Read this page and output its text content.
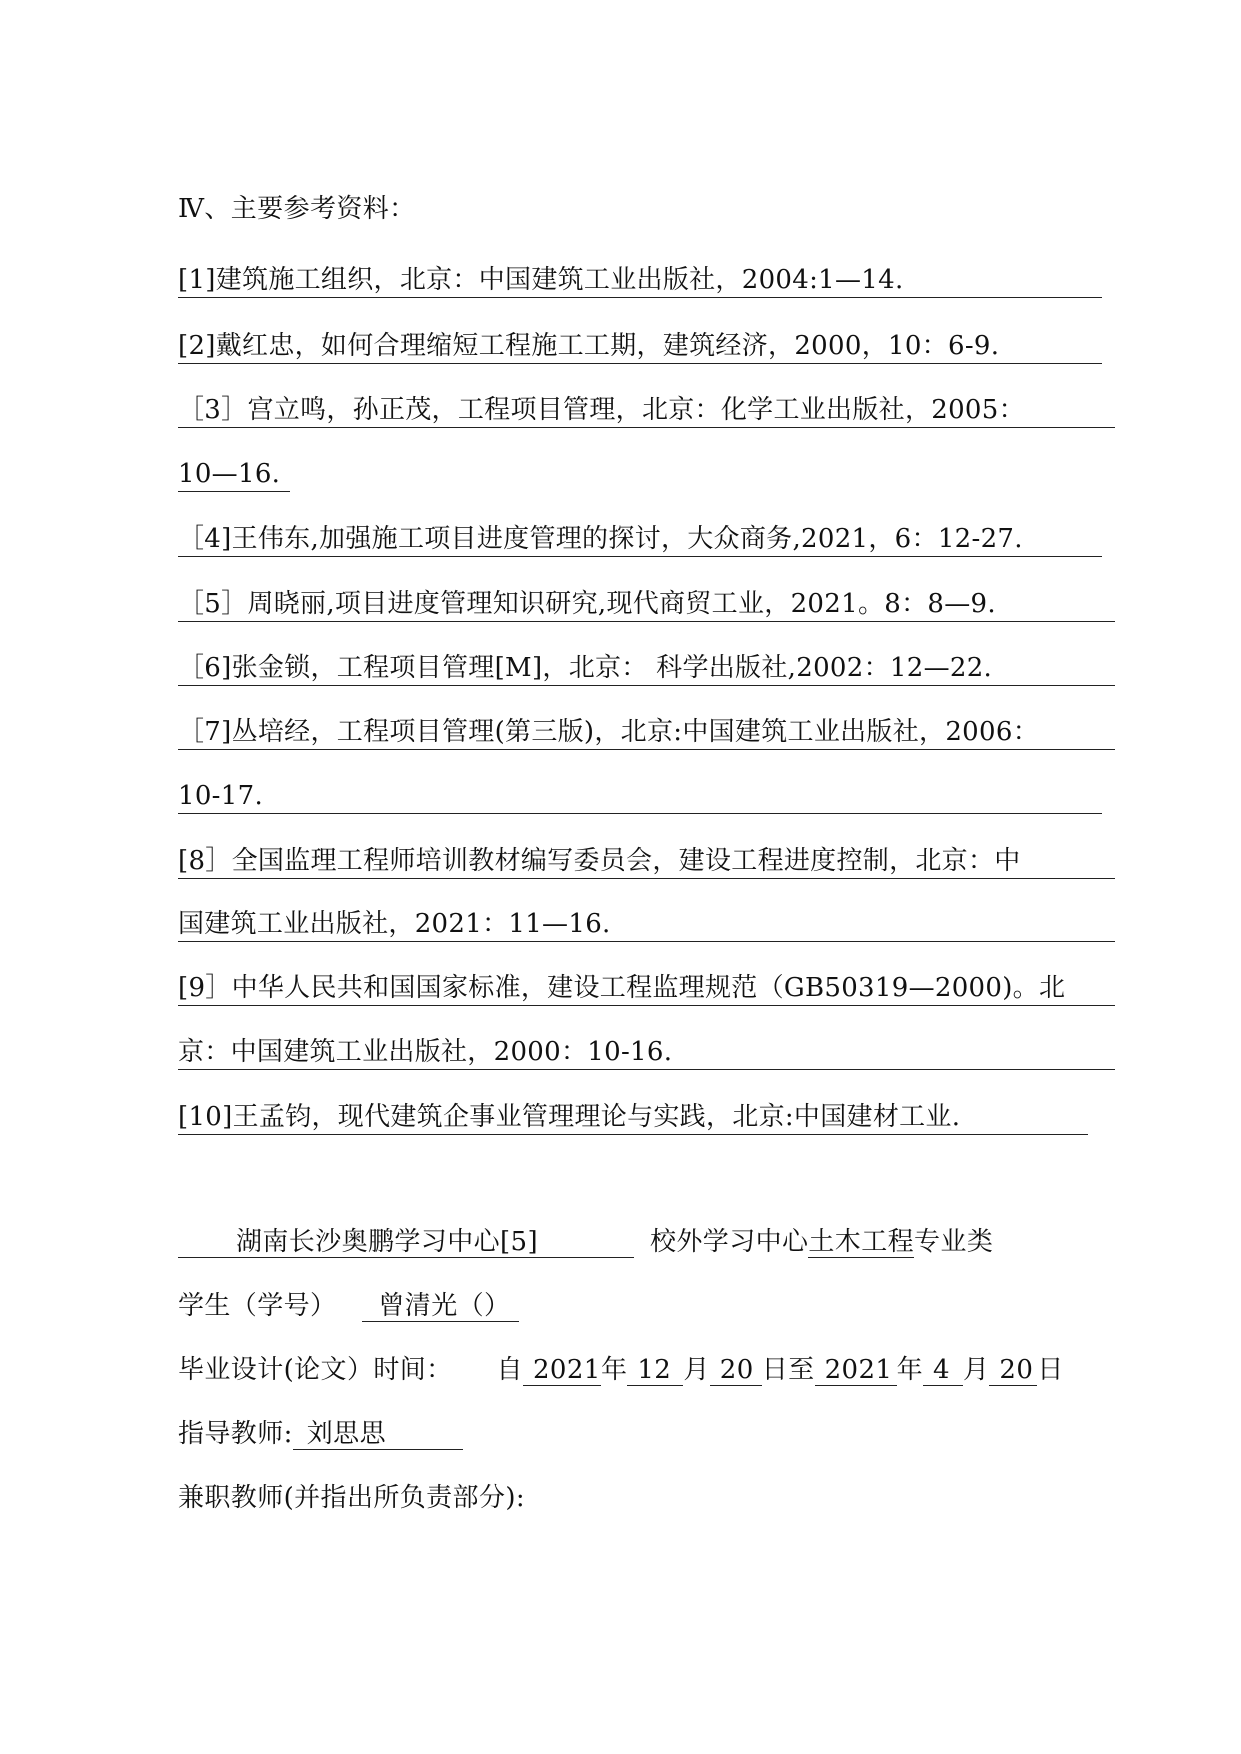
Ⅳ、主要参考资料：
[1]建筑施工组织，北京：中国建筑工业出版社，2004:1—14.
[2]戴红忠，如何合理缩短工程施工工期，建筑经济，2000，10：6-9.
［3］宫立鸣，孙正茂，工程项目管理，北京：化学工业出版社，2005：
10—16.
［4]王伟东,加强施工项目进度管理的探讨，大众商务,2021，6：12-27.
［5］周晓丽,项目进度管理知识研究,现代商贸工业，2021。8：8—9.
［6]张金锁，工程项目管理[M]，北京： 科学出版社,2002：12—22.
［7]丛培经，工程项目管理(第三版)，北京:中国建筑工业出版社，2006：
10-17.
[8］全国监理工程师培训教材编写委员会，建设工程进度控制，北京：中
国建筑工业出版社，2021：11—16.
[9］中华人民共和国国家标准，建设工程监理规范（GB50319—2000)。北
京：中国建筑工业出版社，2000：10-16.
[10]王孟钧，现代建筑企事业管理理论与实践，北京:中国建材工业.
湖南长沙奥鹏学习中心[5]	校外学习中心土木工程专业类
学生（学号） 曾清光（）
毕业设计(论文）时间： 自 2021年 12 月 20 日至 2021 年 4 月 20 日
指导教师: 刘思思
兼职教师(并指出所负责部分):
